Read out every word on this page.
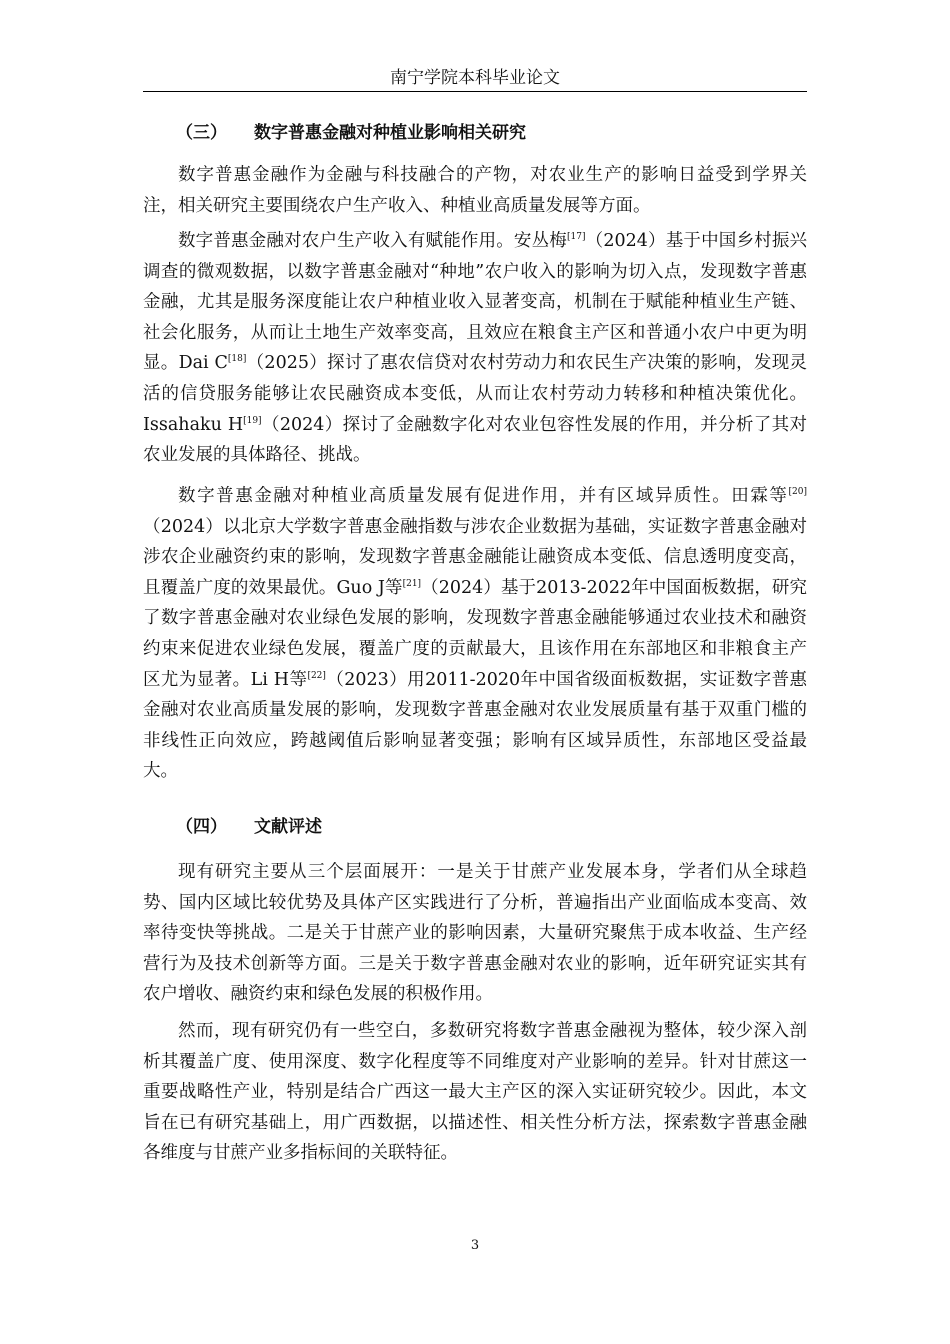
南宁学院本科毕业论文
（三） 数字普惠金融对种植业影响相关研究

数字普惠金融作为金融与科技融合的产物，对农业生产的影响日益受到学界关注，相关研究主要围绕农户生产收入、种植业高质量发展等方面。

数字普惠金融对农户生产收入有赋能作用。安丛梅[17]（2024）基于中国乡村振兴调查的微观数据，以数字普惠金融对“种地”农户收入的影响为切入点，发现数字普惠金融，尤其是服务深度能让农户种植业收入显著变高，机制在于赋能种植业生产链、社会化服务，从而让土地生产效率变高，且效应在粮食主产区和普通小农户中更为明显。Dai C[18]（2025）探讨了惠农信贷对农村劳动力和农民生产决策的影响，发现灵活的信贷服务能够让农民融资成本变低，从而让农村劳动力转移和种植决策优化。Issahaku H[19]（2024）探讨了金融数字化对农业包容性发展的作用，并分析了其对农业发展的具体路径、挑战。

数字普惠金融对种植业高质量发展有促进作用，并有区域异质性。田霖等[20]（2024）以北京大学数字普惠金融指数与涉农企业数据为基础，实证数字普惠金融对涉农企业融资约束的影响，发现数字普惠金融能让融资成本变低、信息透明度变高，且覆盖广度的效果最优。Guo J等[21]（2024）基于2013-2022年中国面板数据，研究了数字普惠金融对农业绿色发展的影响，发现数字普惠金融能够通过农业技术和融资约束来促进农业绿色发展，覆盖广度的贡献最大，且该作用在东部地区和非粮食主产区尤为显著。Li H等[22]（2023）用2011-2020年中国省级面板数据，实证数字普惠金融对农业高质量发展的影响，发现数字普惠金融对农业发展质量有基于双重门槛的非线性正向效应，跨越阈值后影响显著变强；影响有区域异质性，东部地区受益最大。

（四） 文献评述

现有研究主要从三个层面展开：一是关于甘蔗产业发展本身，学者们从全球趋势、国内区域比较优势及具体产区实践进行了分析，普遍指出产业面临成本变高、效率待变快等挑战。二是关于甘蔗产业的影响因素，大量研究聚焦于成本收益、生产经营行为及技术创新等方面。三是关于数字普惠金融对农业的影响，近年研究证实其有农户增收、融资约束和绿色发展的积极作用。

然而，现有研究仍有一些空白，多数研究将数字普惠金融视为整体，较少深入剖析其覆盖广度、使用深度、数字化程度等不同维度对产业影响的差异。针对甘蔗这一重要战略性产业，特别是结合广西这一最大主产区的深入实证研究较少。因此，本文旨在已有研究基础上，用广西数据，以描述性、相关性分析方法，探索数字普惠金融各维度与甘蔗产业多指标间的关联特征。

3
